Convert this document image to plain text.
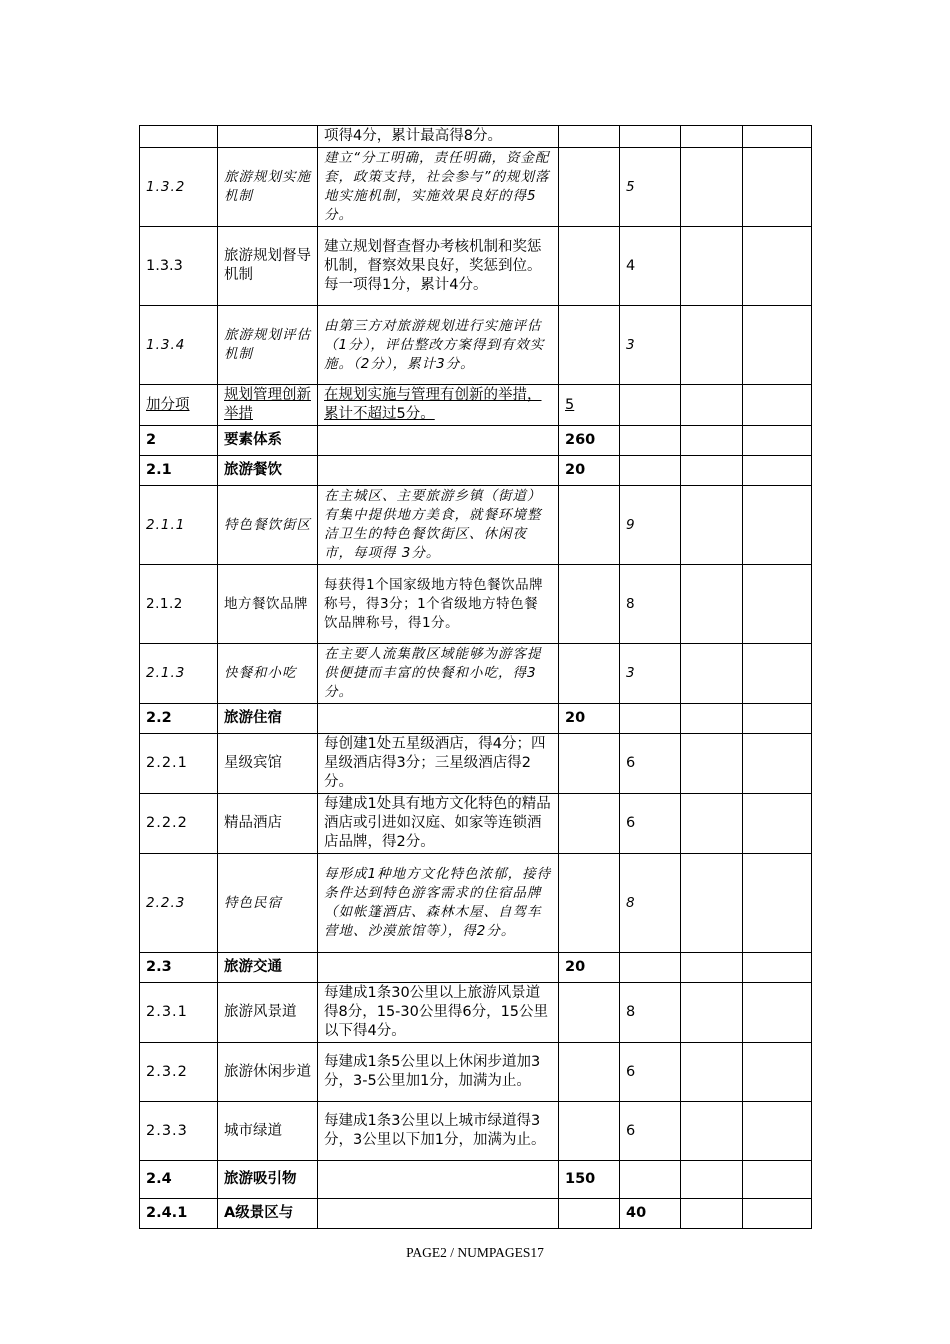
		项得4分，累计最高得8分。				
1.3.2	旅游规划实施机制	建立“分工明确，责任明确，资金配套，政策支持，社会参与”的规划落地实施机制，实施效果良好的得5分。		5		
1.3.3	旅游规划督导机制	建立规划督查督办考核机制和奖惩机制，督察效果良好，奖惩到位。每一项得1分，累计4分。		4		
1.3.4	旅游规划评估机制	由第三方对旅游规划进行实施评估（1分），评估整改方案得到有效实施。（2分），累计3分。		3		
加分项	规划管理创新举措	在规划实施与管理有创新的举措，累计不超过5分。	5			
2	要素体系		260			
2.1	旅游餐饮		20			
2.1.1	特色餐饮街区	在主城区、主要旅游乡镇（街道）有集中提供地方美食，就餐环境整洁卫生的特色餐饮街区、休闲夜市，每项得 3分。		9		
2.1.2	地方餐饮品牌	每获得1个国家级地方特色餐饮品牌称号，得3分；1个省级地方特色餐饮品牌称号，得1分。		8		
2.1.3	快餐和小吃	在主要人流集散区域能够为游客提供便捷而丰富的快餐和小吃，得3分。		3		
2.2	旅游住宿		20			
2.2.1	星级宾馆	每创建1处五星级酒店，得4分；四星级酒店得3分；三星级酒店得2分。		6		
2.2.2	精品酒店	每建成1处具有地方文化特色的精品酒店或引进如汉庭、如家等连锁酒店品牌，得2分。		6		
2.2.3	特色民宿	每形成1种地方文化特色浓郁，接待条件达到特色游客需求的住宿品牌（如帐篷酒店、森林木屋、自驾车营地、沙漠旅馆等），得2分。		8		
2.3	旅游交通		20			
2.3.1	旅游风景道	每建成1条30公里以上旅游风景道得8分，15-30公里得6分，15公里以下得4分。		8		
2.3.2	旅游休闲步道	每建成1条5公里以上休闲步道加3分，3-5公里加1分，加满为止。		6		
2.3.3	城市绿道	每建成1条3公里以上城市绿道得3分，3公里以下加1分，加满为止。		6		
2.4	旅游吸引物		150			
2.4.1	A级景区与			40		
PAGE2 / NUMPAGES17
